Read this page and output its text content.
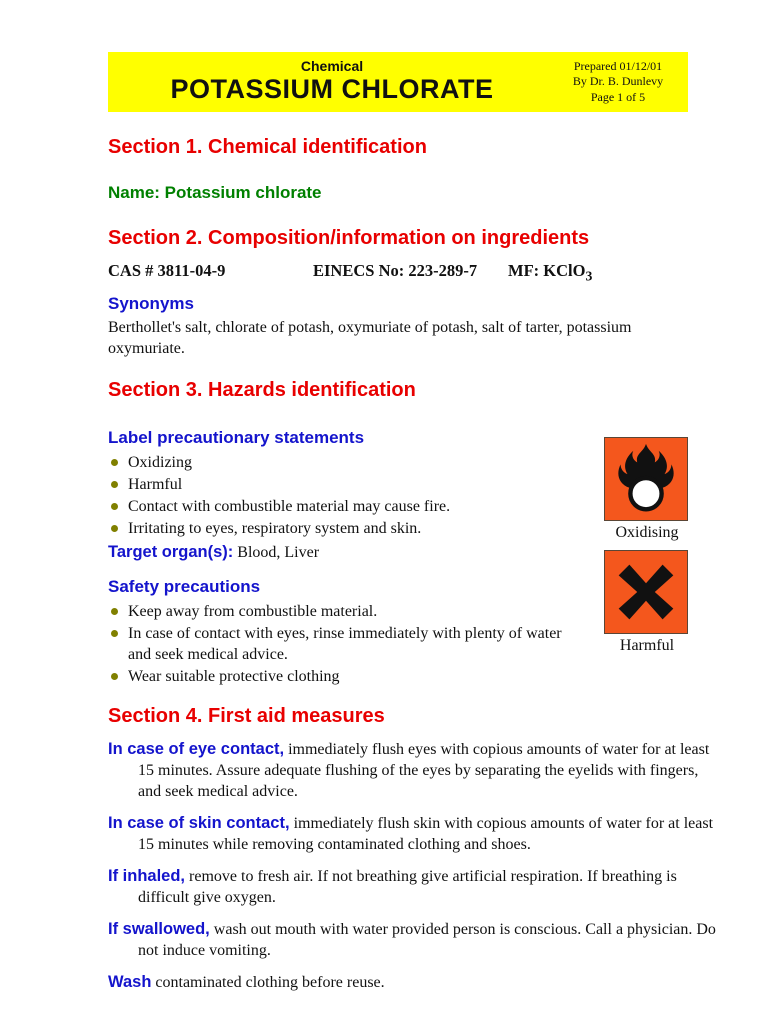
Chemical
POTASSIUM CHLORATE
Prepared 01/12/01
By Dr. B. Dunlevy
Page 1 of 5
Section 1. Chemical identification
Name: Potassium chlorate
Section 2. Composition/information on ingredients
CAS # 3811-04-9	EINECS No: 223-289-7	MF: KClO$_3$
Synonyms
Berthollet's salt, chlorate of potash, oxymuriate of potash, salt of tarter, potassium oxymuriate.
Section 3. Hazards identification
Label precautionary statements
Oxidizing
Harmful
Contact with combustible material may cause fire.
Irritating to eyes, respiratory system and skin.
Target organ(s): Blood, Liver
Safety precautions
Keep away from combustible material.
In case of contact with eyes, rinse immediately with plenty of water and seek medical advice.
Wear suitable protective clothing
Oxidising
Harmful
Section 4. First aid measures

In case of eye contact, immediately flush eyes with copious amounts of water for at least 15 minutes. Assure adequate flushing of the eyes by separating the eyelids with fingers, and seek medical advice.

In case of skin contact, immediately flush skin with copious amounts of water for at least 15 minutes while removing contaminated clothing and shoes.

If inhaled, remove to fresh air. If not breathing give artificial respiration. If breathing is difficult give oxygen.

If swallowed, wash out mouth with water provided person is conscious. Call a physician. Do not induce vomiting.

Wash contaminated clothing before reuse.
